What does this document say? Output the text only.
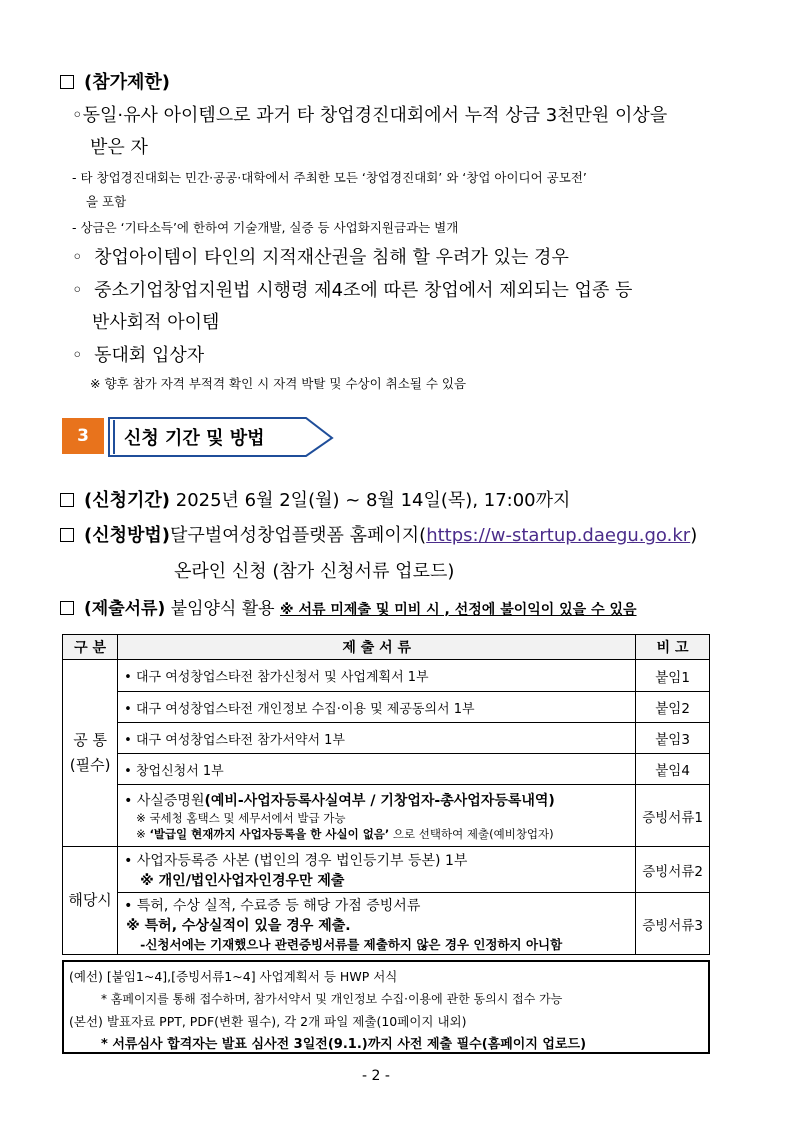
(참가제한)
◦동일·유사 아이템으로 과거 타 창업경진대회에서 누적 상금 3천만원 이상을
받은 자
- 타 창업경진대회는 민간·공공·대학에서 주최한 모든 ‘창업경진대회’ 와 ‘창업 아이디어 공모전’
을 포함
- 상금은 ‘기타소득’에 한하여 기술개발, 실증 등 사업화지원금과는 별개
◦ 창업아이템이 타인의 지적재산권을 침해 할 우려가 있는 경우
◦ 중소기업창업지원법 시행령 제4조에 따른 창업에서 제외되는 업종 등
반사회적 아이템
◦ 동대회 입상자
※ 향후 참가 자격 부적격 확인 시 자격 박탈 및 수상이 취소될 수 있음
3	신청 기간 및 방법
(신청기간) 2025년 6월 2일(월) ~ 8월 14일(목), 17:00까지
(신청방법)달구벌여성창업플랫폼 홈페이지(https://w-startup.daegu.go.kr)
온라인 신청 (참가 신청서류 업로드)
(제출서류) 붙임양식 활용 ※ 서류 미제출 및 미비 시 , 선정에 불이익이 있을 수 있음
구 분	제 출 서 류	비 고

공 통
(필수)	• 대구 여성창업스타전 참가신청서 및 사업계획서 1부	붙임1
	• 대구 여성창업스타전 개인정보 수집·이용 및 제공동의서 1부	붙임2
	• 대구 여성창업스타전 참가서약서 1부	붙임3
	• 창업신청서 1부	붙임4

	• 사실증명원(예비-사업자등록사실여부 / 기창업자-총사업자등록내역)
※ 국세청 홈택스 및 세무서에서 발급 가능
※ ‘발급일 현재까지 사업자등록을 한 사실이 없음’ 으로 선택하여 제출(예비창업자)	증빙서류1
해당시	• 사업자등록증 사본 (법인의 경우 법인등기부 등본) 1부
※ 개인/법인사업자인경우만 제출	증빙서류2

	• 특허, 수상 실적, 수료증 등 해당 가점 증빙서류
※ 특허, 수상실적이 있을 경우 제출.
-신청서에는 기재했으나 관련증빙서류를 제출하지 않은 경우 인정하지 아니함	증빙서류3
(예선) [붙임1~4],[증빙서류1~4] 사업계획서 등 HWP 서식
* 홈페이지를 통해 접수하며, 참가서약서 및 개인정보 수집·이용에 관한 동의시 접수 가능
(본선) 발표자료 PPT, PDF(변환 필수), 각 2개 파일 제출(10페이지 내외)
* 서류심사 합격자는 발표 심사전 3일전(9.1.)까지 사전 제출 필수(홈페이지 업로드)
- 2 -
